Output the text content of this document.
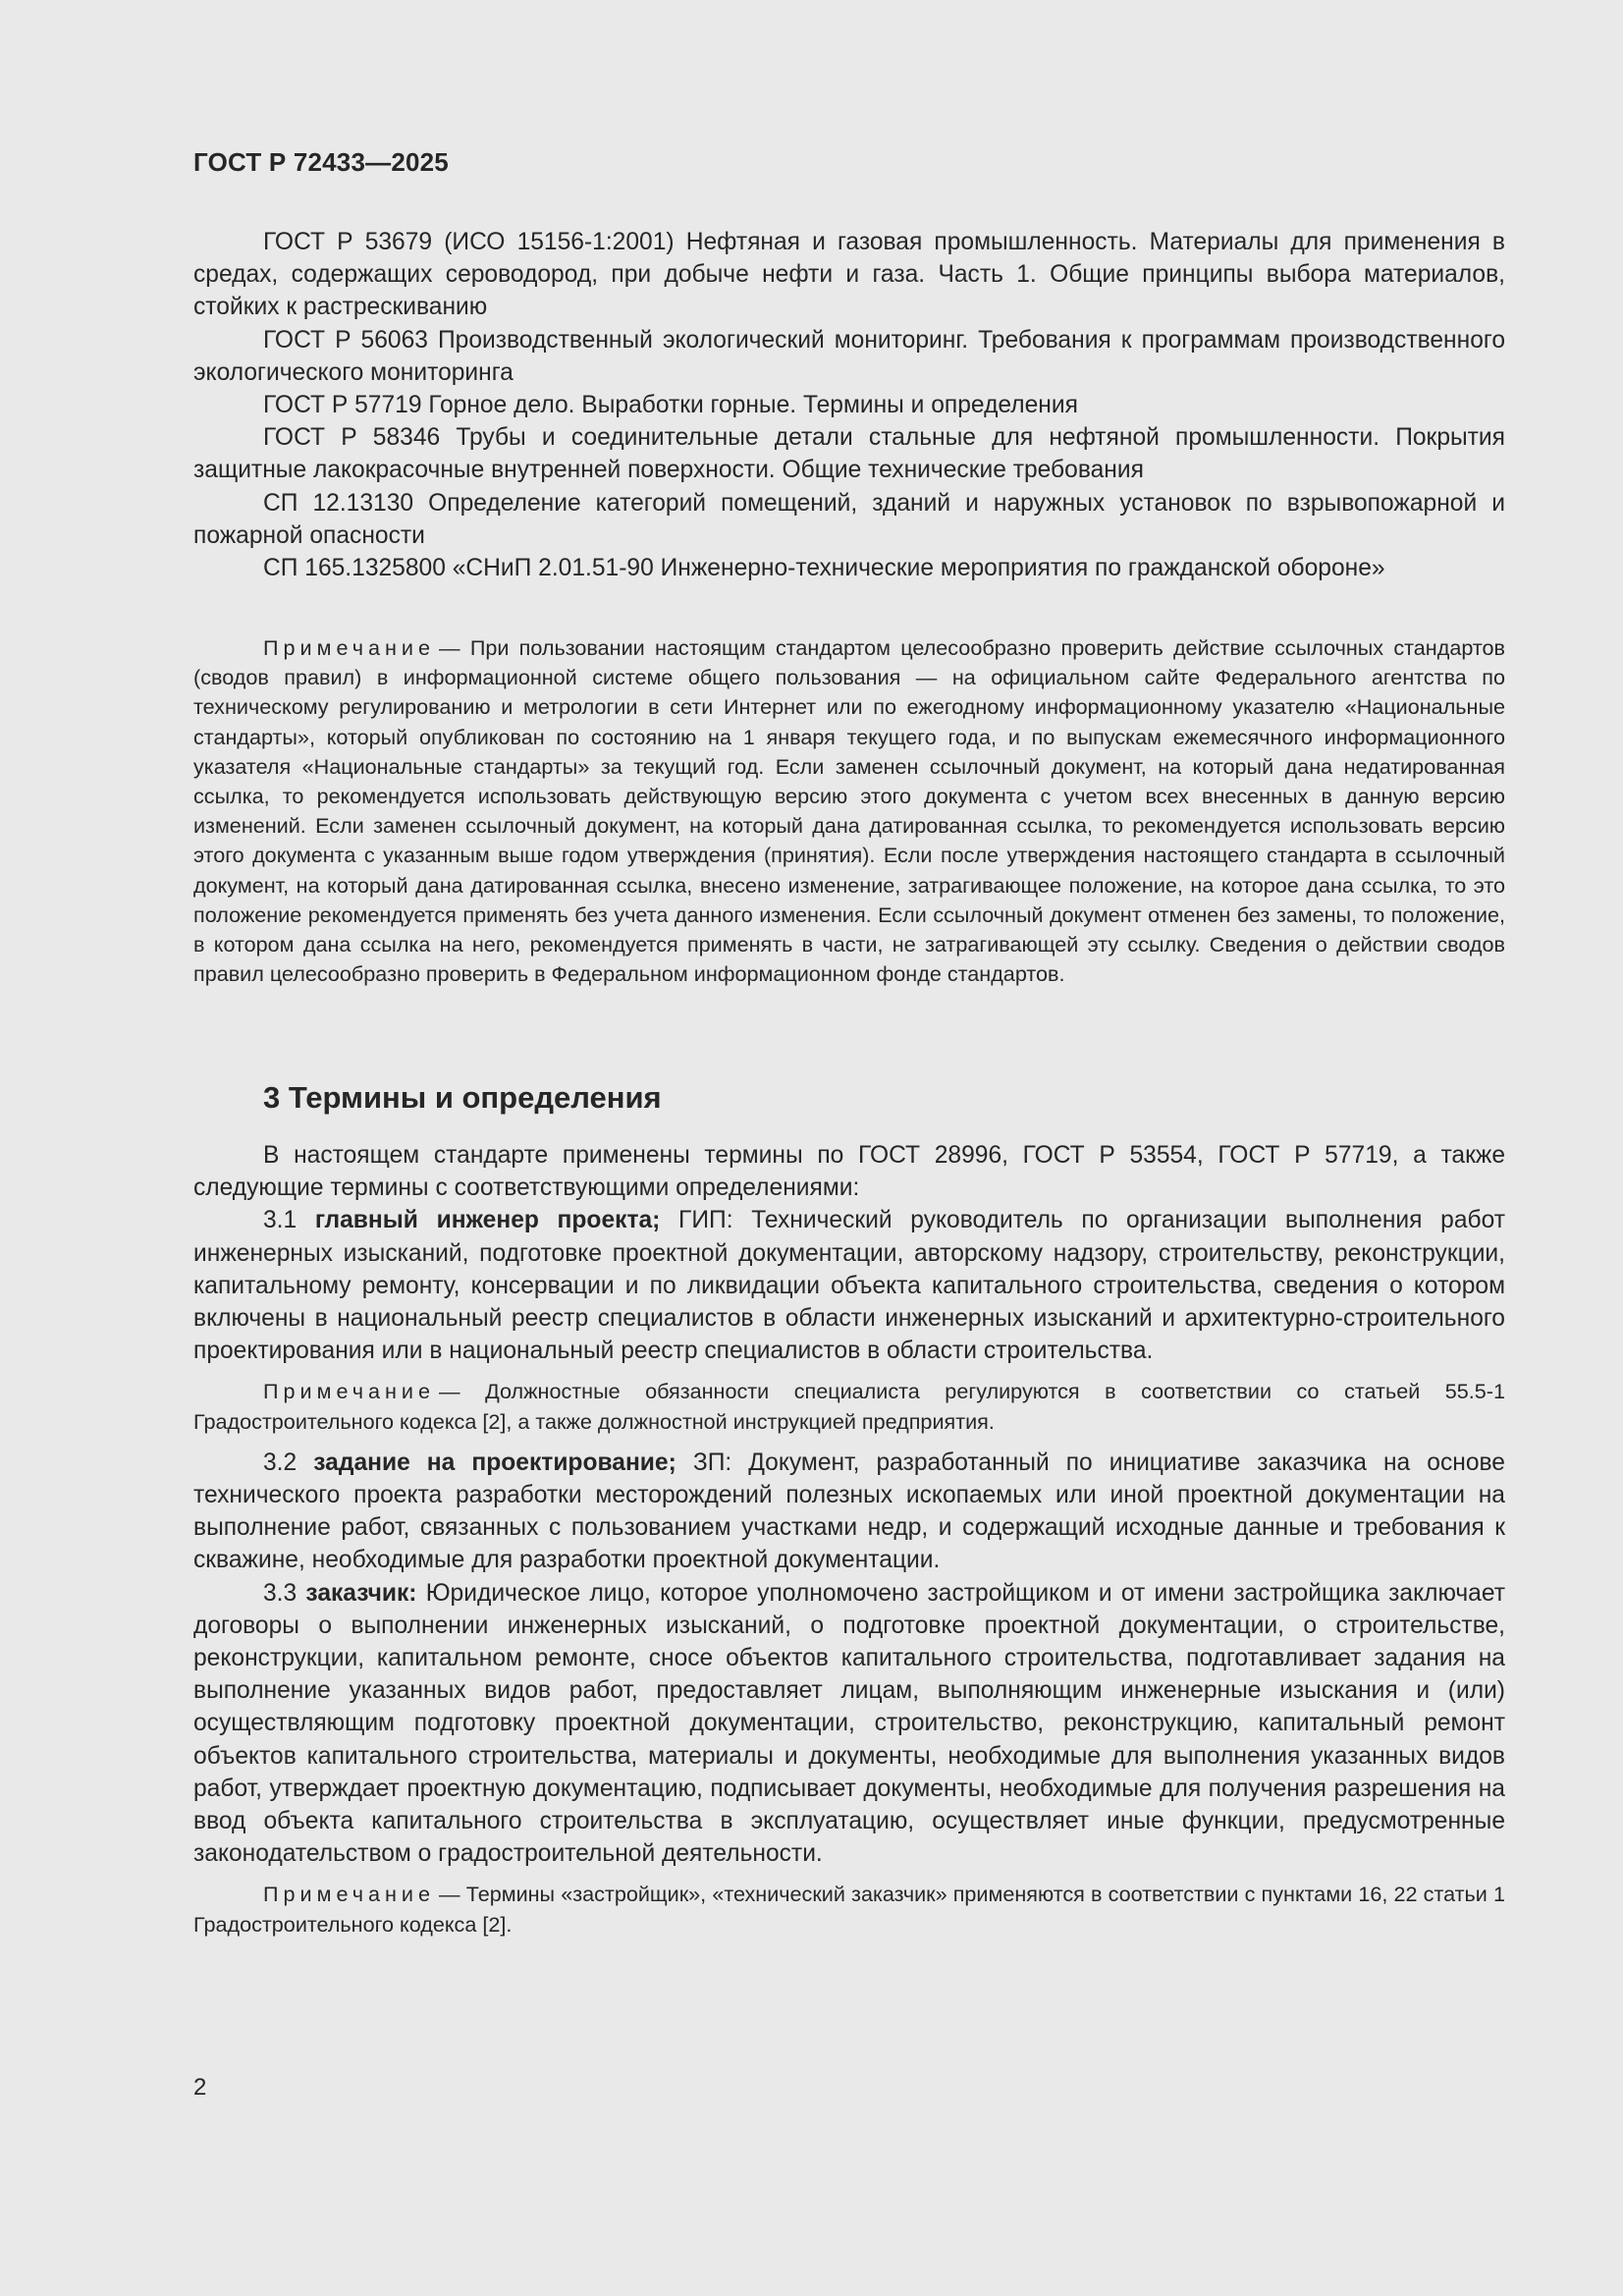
ГОСТ Р 72433—2025

ГОСТ Р 53679 (ИСО 15156-1:2001) Нефтяная и газовая промышленность. Материалы для применения в средах, содержащих сероводород, при добыче нефти и газа. Часть 1. Общие принципы выбора материалов, стойких к растрескиванию

ГОСТ Р 56063 Производственный экологический мониторинг. Требования к программам производственного экологического мониторинга

ГОСТ Р 57719 Горное дело. Выработки горные. Термины и определения

ГОСТ Р 58346 Трубы и соединительные детали стальные для нефтяной промышленности. Покрытия защитные лакокрасочные внутренней поверхности. Общие технические требования

СП 12.13130 Определение категорий помещений, зданий и наружных установок по взрывопожарной и пожарной опасности

СП 165.1325800 «СНиП 2.01.51-90 Инженерно-технические мероприятия по гражданской обороне»

Примечание — При пользовании настоящим стандартом целесообразно проверить действие ссылочных стандартов (сводов правил) в информационной системе общего пользования — на официальном сайте Федерального агентства по техническому регулированию и метрологии в сети Интернет или по ежегодному информационному указателю «Национальные стандарты», который опубликован по состоянию на 1 января текущего года, и по выпускам ежемесячного информационного указателя «Национальные стандарты» за текущий год. Если заменен ссылочный документ, на который дана недатированная ссылка, то рекомендуется использовать действующую версию этого документа с учетом всех внесенных в данную версию изменений. Если заменен ссылочный документ, на который дана датированная ссылка, то рекомендуется использовать версию этого документа с указанным выше годом утверждения (принятия). Если после утверждения настоящего стандарта в ссылочный документ, на который дана датированная ссылка, внесено изменение, затрагивающее положение, на которое дана ссылка, то это положение рекомендуется применять без учета данного изменения. Если ссылочный документ отменен без замены, то положение, в котором дана ссылка на него, рекомендуется применять в части, не затрагивающей эту ссылку. Сведения о действии сводов правил целесообразно проверить в Федеральном информационном фонде стандартов.

3 Термины и определения

В настоящем стандарте применены термины по ГОСТ 28996, ГОСТ Р 53554, ГОСТ Р 57719, а также следующие термины с соответствующими определениями:

3.1 главный инженер проекта; ГИП: Технический руководитель по организации выполнения работ инженерных изысканий, подготовке проектной документации, авторскому надзору, строительству, реконструкции, капитальному ремонту, консервации и по ликвидации объекта капитального строительства, сведения о котором включены в национальный реестр специалистов в области инженерных изысканий и архитектурно-строительного проектирования или в национальный реестр специалистов в области строительства.

Примечание — Должностные обязанности специалиста регулируются в соответствии со статьей 55.5-1 Градостроительного кодекса [2], а также должностной инструкцией предприятия.

3.2 задание на проектирование; ЗП: Документ, разработанный по инициативе заказчика на основе технического проекта разработки месторождений полезных ископаемых или иной проектной документации на выполнение работ, связанных с пользованием участками недр, и содержащий исходные данные и требования к скважине, необходимые для разработки проектной документации.

3.3 заказчик: Юридическое лицо, которое уполномочено застройщиком и от имени застройщика заключает договоры о выполнении инженерных изысканий, о подготовке проектной документации, о строительстве, реконструкции, капитальном ремонте, сносе объектов капитального строительства, подготавливает задания на выполнение указанных видов работ, предоставляет лицам, выполняющим инженерные изыскания и (или) осуществляющим подготовку проектной документации, строительство, реконструкцию, капитальный ремонт объектов капитального строительства, материалы и документы, необходимые для выполнения указанных видов работ, утверждает проектную документацию, подписывает документы, необходимые для получения разрешения на ввод объекта капитального строительства в эксплуатацию, осуществляет иные функции, предусмотренные законодательством о градостроительной деятельности.

Примечание — Термины «застройщик», «технический заказчик» применяются в соответствии с пунктами 16, 22 статьи 1 Градостроительного кодекса [2].

2
